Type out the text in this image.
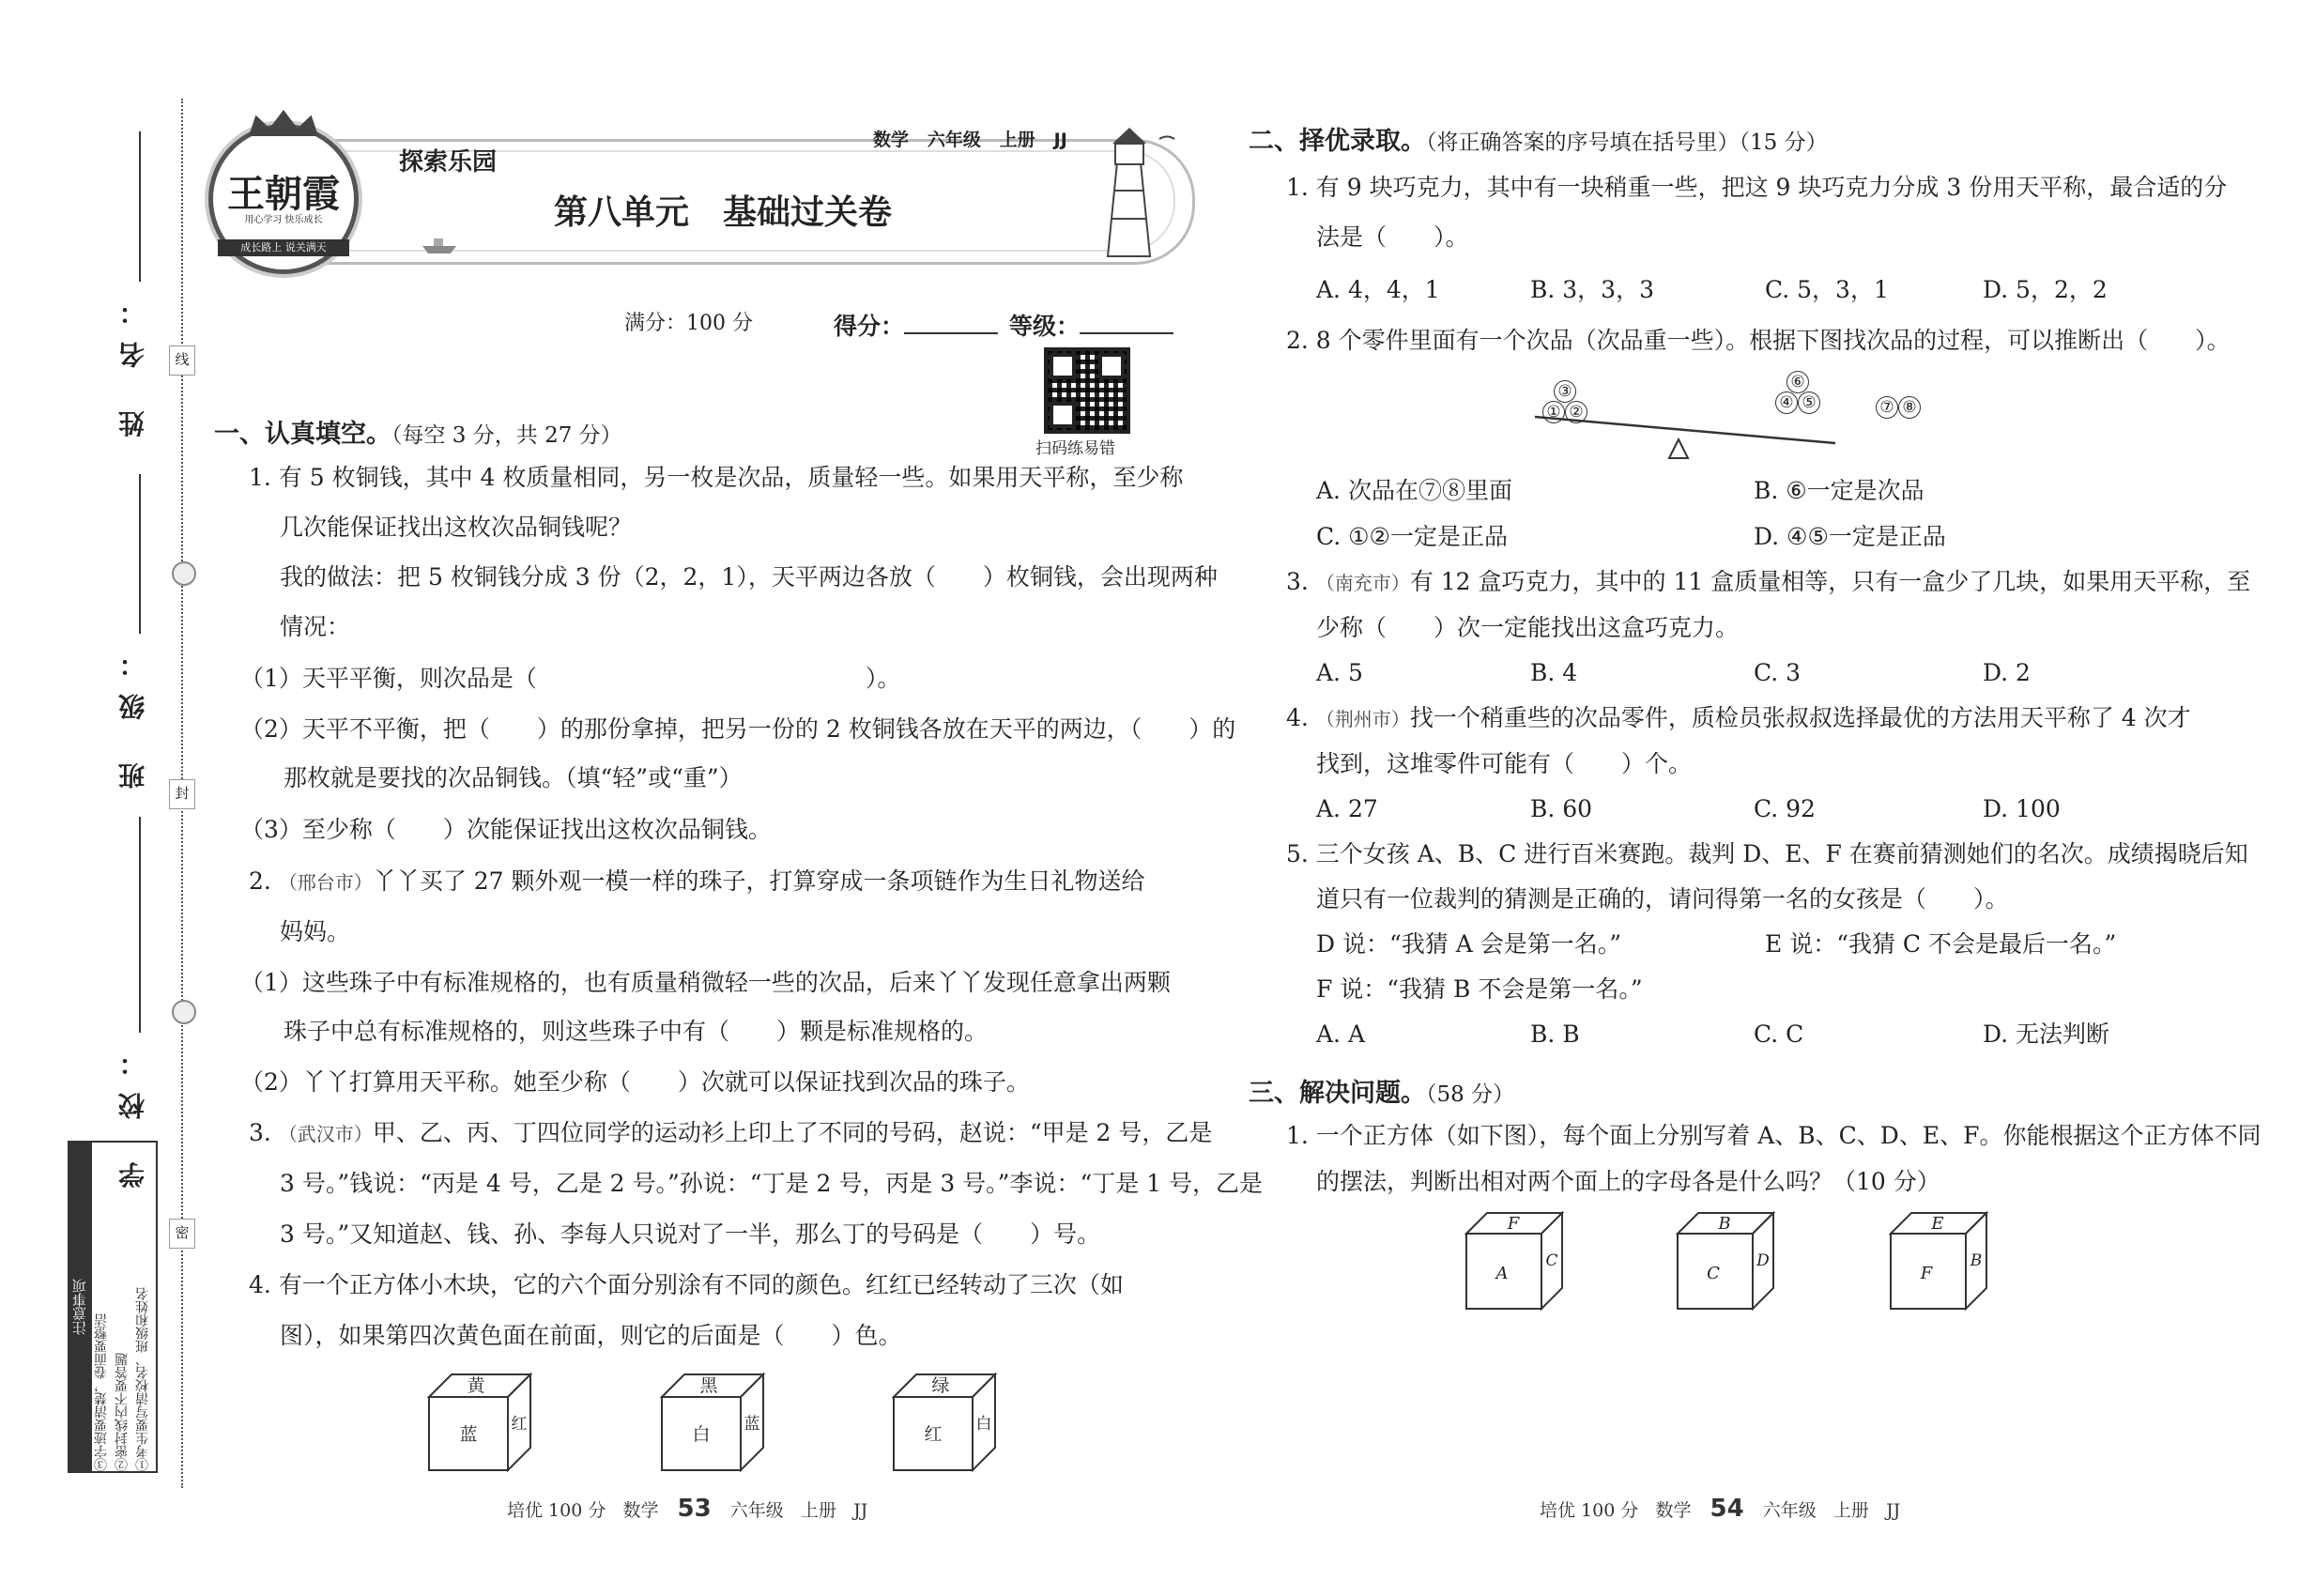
姓 名：
班 级：
学 校：
线
封
密
注意事项
③字迹要清楚，卷面要整洁 ②密封线内不要答题 ①考生要写清校名、班级和姓名
王朝霞
用心学习 快乐成长
成长路上 说关满天
探索乐园
数学 六年级 上册 JJ
第八单元　基础过关卷
满分：100 分	得分：	等级：
扫码练易错
一、认真填空。（每空 3 分，共 27 分）
1. 有 5 枚铜钱，其中 4 枚质量相同，另一枚是次品，质量轻一些。如果用天平称，至少称
几次能保证找出这枚次品铜钱呢？
我的做法：把 5 枚铜钱分成 3 份（2，2，1），天平两边各放（　　）枚铜钱，会出现两种
情况：
（1）天平平衡，则次品是（　　　　　　　　　　　　　　）。
（2）天平不平衡，把（　　）的那份拿掉，把另一份的 2 枚铜钱各放在天平的两边，（　　）的
那枚就是要找的次品铜钱。（填“轻”或“重”）
（3）至少称（　　）次能保证找出这枚次品铜钱。
2. （邢台市）丫丫买了 27 颗外观一模一样的珠子，打算穿成一条项链作为生日礼物送给
妈妈。
（1）这些珠子中有标准规格的，也有质量稍微轻一些的次品，后来丫丫发现任意拿出两颗
珠子中总有标准规格的，则这些珠子中有（　　）颗是标准规格的。
（2）丫丫打算用天平称。她至少称（　　）次就可以保证找到次品的珠子。
3. （武汉市）甲、乙、丙、丁四位同学的运动衫上印上了不同的号码，赵说：“甲是 2 号，乙是
3 号。”钱说：“丙是 4 号，乙是 2 号。”孙说：“丁是 2 号，丙是 3 号。”李说：“丁是 1 号，乙是
3 号。”又知道赵、钱、孙、李每人只说对了一半，那么丁的号码是（　　）号。
4. 有一个正方体小木块，它的六个面分别涂有不同的颜色。红红已经转动了三次（如
图），如果第四次黄色面在前面，则它的后面是（　　）色。
黄
蓝 红
黑
白 蓝
绿
红 白
培优 100 分 数学 53 六年级 上册 JJ
二、择优录取。（将正确答案的序号填在括号里）（15 分）
1. 有 9 块巧克力，其中有一块稍重一些，把这 9 块巧克力分成 3 份用天平称，最合适的分
法是（　　）。
A. 4，4，1	B. 3，3，3	C. 5，3，1	D. 5，2，2
2. 8 个零件里面有一个次品（次品重一些）。根据下图找次品的过程，可以推断出（　　）。
③
① ②
⑥
④ ⑤	⑦ ⑧
A. 次品在⑦⑧里面	B. ⑥一定是次品
C. ①②一定是正品	D. ④⑤一定是正品
3. （南充市）有 12 盒巧克力，其中的 11 盒质量相等，只有一盒少了几块，如果用天平称，至
少称（　　）次一定能找出这盒巧克力。
A. 5	B. 4	C. 3	D. 2
4. （荆州市）找一个稍重些的次品零件，质检员张叔叔选择最优的方法用天平称了 4 次才
找到，这堆零件可能有（　　）个。
A. 27	B. 60	C. 92	D. 100
5. 三个女孩 A、B、C 进行百米赛跑。裁判 D、E、F 在赛前猜测她们的名次。成绩揭晓后知
道只有一位裁判的猜测是正确的，请问得第一名的女孩是（　　）。
D 说：“我猜 A 会是第一名。”	E 说：“我猜 C 不会是最后一名。”
F 说：“我猜 B 不会是第一名。”
A. A	B. B	C. C	D. 无法判断
三、解决问题。（58 分）
1. 一个正方体（如下图），每个面上分别写着 A、B、C、D、E、F。你能根据这个正方体不同
的摆法，判断出相对两个面上的字母各是什么吗？（10 分）
F
A
C
B
C
D
E
F
B
培优 100 分 数学 54 六年级 上册 JJ
